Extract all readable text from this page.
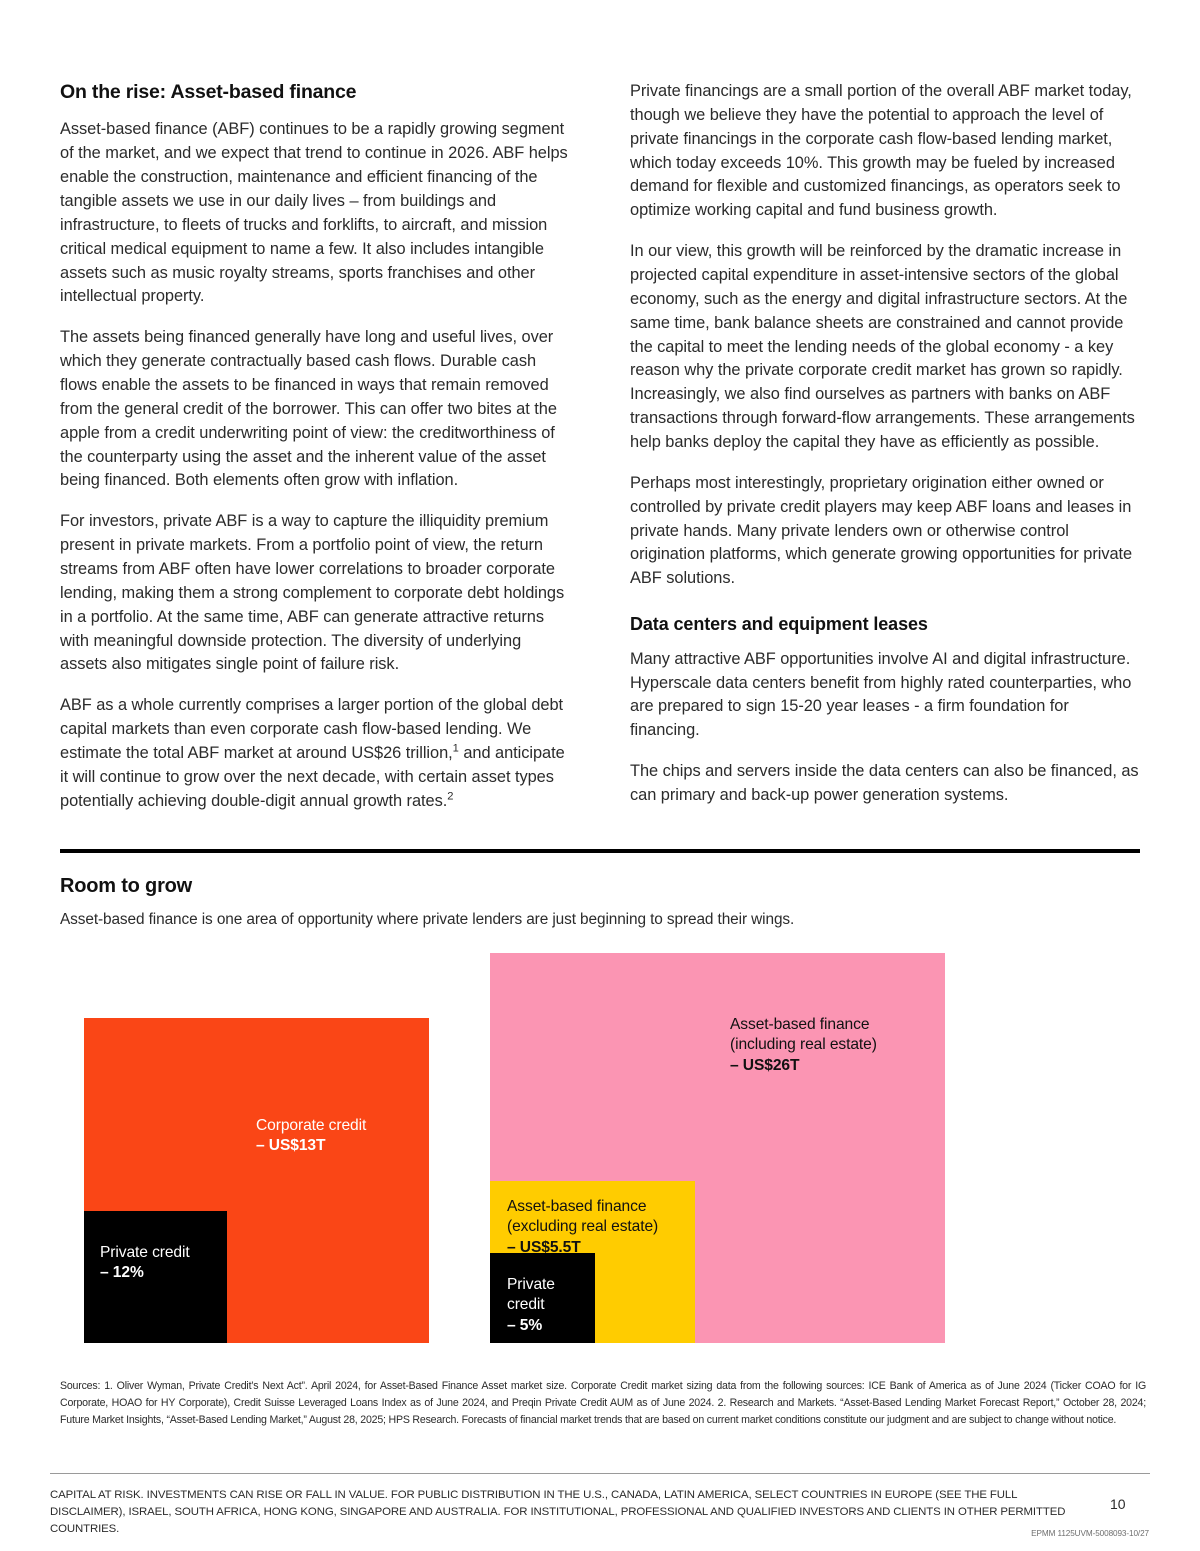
On the rise: Asset-based finance

Asset-based finance (ABF) continues to be a rapidly growing segment of the market, and we expect that trend to continue in 2026. ABF helps enable the construction, maintenance and efficient financing of the tangible assets we use in our daily lives – from buildings and infrastructure, to fleets of trucks and forklifts, to aircraft, and mission critical medical equipment to name a few. It also includes intangible assets such as music royalty streams, sports franchises and other intellectual property.

The assets being financed generally have long and useful lives, over which they generate contractually based cash flows. Durable cash flows enable the assets to be financed in ways that remain removed from the general credit of the borrower. This can offer two bites at the apple from a credit underwriting point of view: the creditworthiness of the counterparty using the asset and the inherent value of the asset being financed. Both elements often grow with inflation.

For investors, private ABF is a way to capture the illiquidity premium present in private markets. From a portfolio point of view, the return streams from ABF often have lower correlations to broader corporate lending, making them a strong complement to corporate debt holdings in a portfolio. At the same time, ABF can generate attractive returns with meaningful downside protection. The diversity of underlying assets also mitigates single point of failure risk.

ABF as a whole currently comprises a larger portion of the global debt capital markets than even corporate cash flow-based lending. We estimate the total ABF market at around US$26 trillion,$^1$ and anticipate it will continue to grow over the next decade, with certain asset types potentially achieving double-digit annual growth rates.$^2$

Private financings are a small portion of the overall ABF market today, though we believe they have the potential to approach the level of private financings in the corporate cash flow-based lending market, which today exceeds 10%. This growth may be fueled by increased demand for flexible and customized financings, as operators seek to optimize working capital and fund business growth.

In our view, this growth will be reinforced by the dramatic increase in projected capital expenditure in asset-intensive sectors of the global economy, such as the energy and digital infrastructure sectors. At the same time, bank balance sheets are constrained and cannot provide the capital to meet the lending needs of the global economy - a key reason why the private corporate credit market has grown so rapidly. Increasingly, we also find ourselves as partners with banks on ABF transactions through forward-flow arrangements. These arrangements help banks deploy the capital they have as efficiently as possible.

Perhaps most interestingly, proprietary origination either owned or controlled by private credit players may keep ABF loans and leases in private hands. Many private lenders own or otherwise control origination platforms, which generate growing opportunities for private ABF solutions.

Data centers and equipment leases

Many attractive ABF opportunities involve AI and digital infrastructure. Hyperscale data centers benefit from highly rated counterparties, who are prepared to sign 15-20 year leases - a firm foundation for financing.

The chips and servers inside the data centers can also be financed, as can primary and back-up power generation systems.

Room to grow
Asset-based finance is one area of opportunity where private lenders are just beginning to spread their wings.
Corporate credit
– US$13T
Private credit
– 12%
Asset-based finance
(including real estate)
– US$26T
Asset-based finance
(excluding real estate)
– US$5.5T
Private
credit
– 5%
Sources: 1. Oliver Wyman, Private Credit’s Next Act”. April 2024, for Asset-Based Finance Asset market size. Corporate Credit market sizing data from the following sources: ICE Bank of America as of June 2024 (Ticker COAO for IG Corporate, HOAO for HY Corporate), Credit Suisse Leveraged Loans Index as of June 2024, and Preqin Private Credit AUM as of June 2024. 2. Research and Markets. “Asset-Based Lending Market Forecast Report,” October 28, 2024; Future Market Insights, “Asset-Based Lending Market,” August 28, 2025; HPS Research. Forecasts of financial market trends that are based on current market conditions constitute our judgment and are subject to change without notice.
CAPITAL AT RISK. INVESTMENTS CAN RISE OR FALL IN VALUE. FOR PUBLIC DISTRIBUTION IN THE U.S., CANADA, LATIN AMERICA, SELECT COUNTRIES IN EUROPE (SEE THE FULL DISCLAIMER), ISRAEL, SOUTH AFRICA, HONG KONG, SINGAPORE AND AUSTRALIA. FOR INSTITUTIONAL, PROFESSIONAL AND QUALIFIED INVESTORS AND CLIENTS IN OTHER PERMITTED COUNTRIES.
10
EPMM 1125UVM-5008093-10/27
